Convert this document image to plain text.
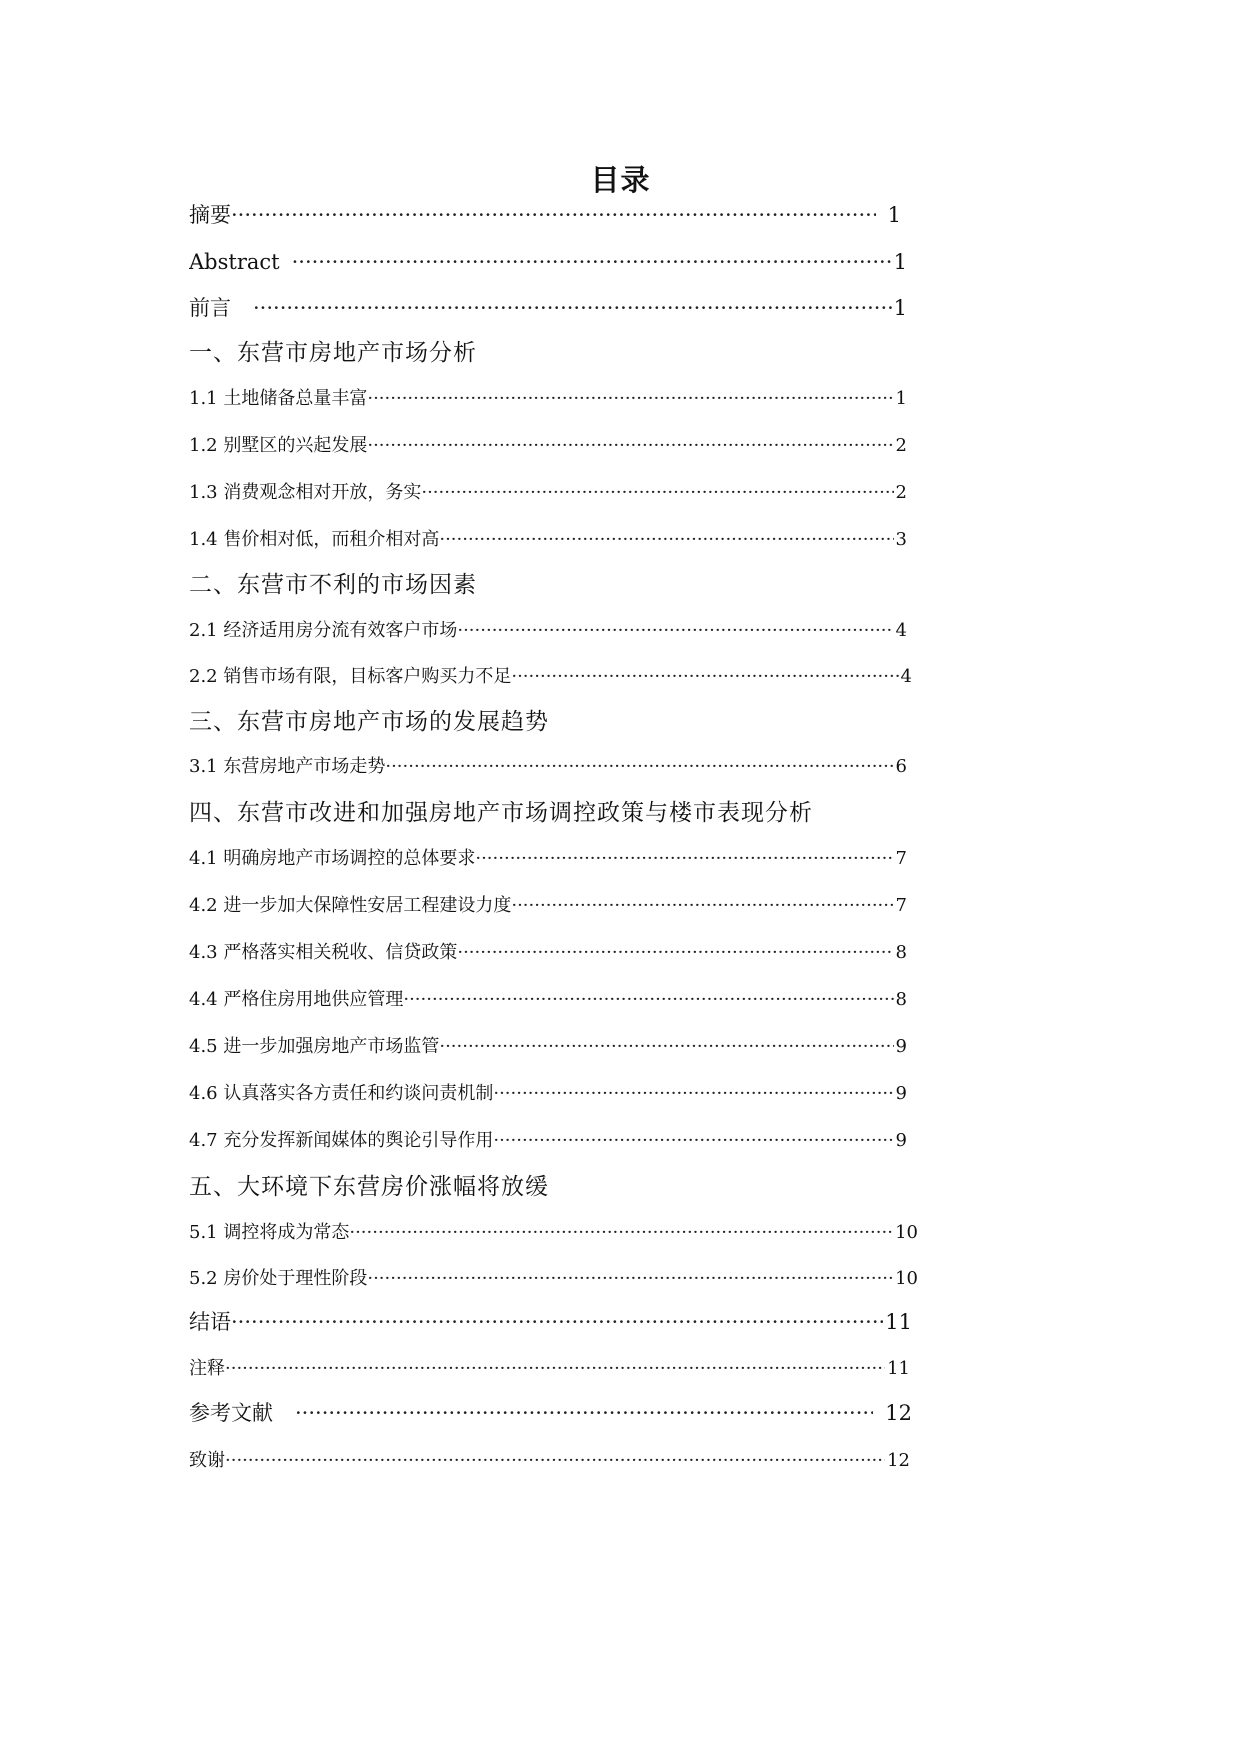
目录
摘要 ·····	1
Abstract ·····	1
前言 ·····	1
一、东营市房地产市场分析
1.1 土地储备总量丰富 ·····	1
1.2 别墅区的兴起发展 ·····	2
1.3 消费观念相对开放，务实 ·····	2
1.4 售价相对低，而租介相对高 ·····	3
二、东营市不利的市场因素
2.1 经济适用房分流有效客户市场 ·····	4
2.2 销售市场有限，目标客户购买力不足 ·····	4
三、东营市房地产市场的发展趋势
3.1 东营房地产市场走势 ·····	6
四、东营市改进和加强房地产市场调控政策与楼市表现分析
4.1 明确房地产市场调控的总体要求 ·····	7
4.2 进一步加大保障性安居工程建设力度 ·····	7
4.3 严格落实相关税收、信贷政策 ·····	8
4.4 严格住房用地供应管理 ·····	8
4.5 进一步加强房地产市场监管 ·····	9
4.6 认真落实各方责任和约谈问责机制 ·····	9
4.7 充分发挥新闻媒体的舆论引导作用 ·····	9
五、大环境下东营房价涨幅将放缓
5.1 调控将成为常态 ·····	10
5.2 房价处于理性阶段 ·····	10
结语 ·····	11
注释 ·····	11
参考文献 ·····	12
致谢 ·····	12
